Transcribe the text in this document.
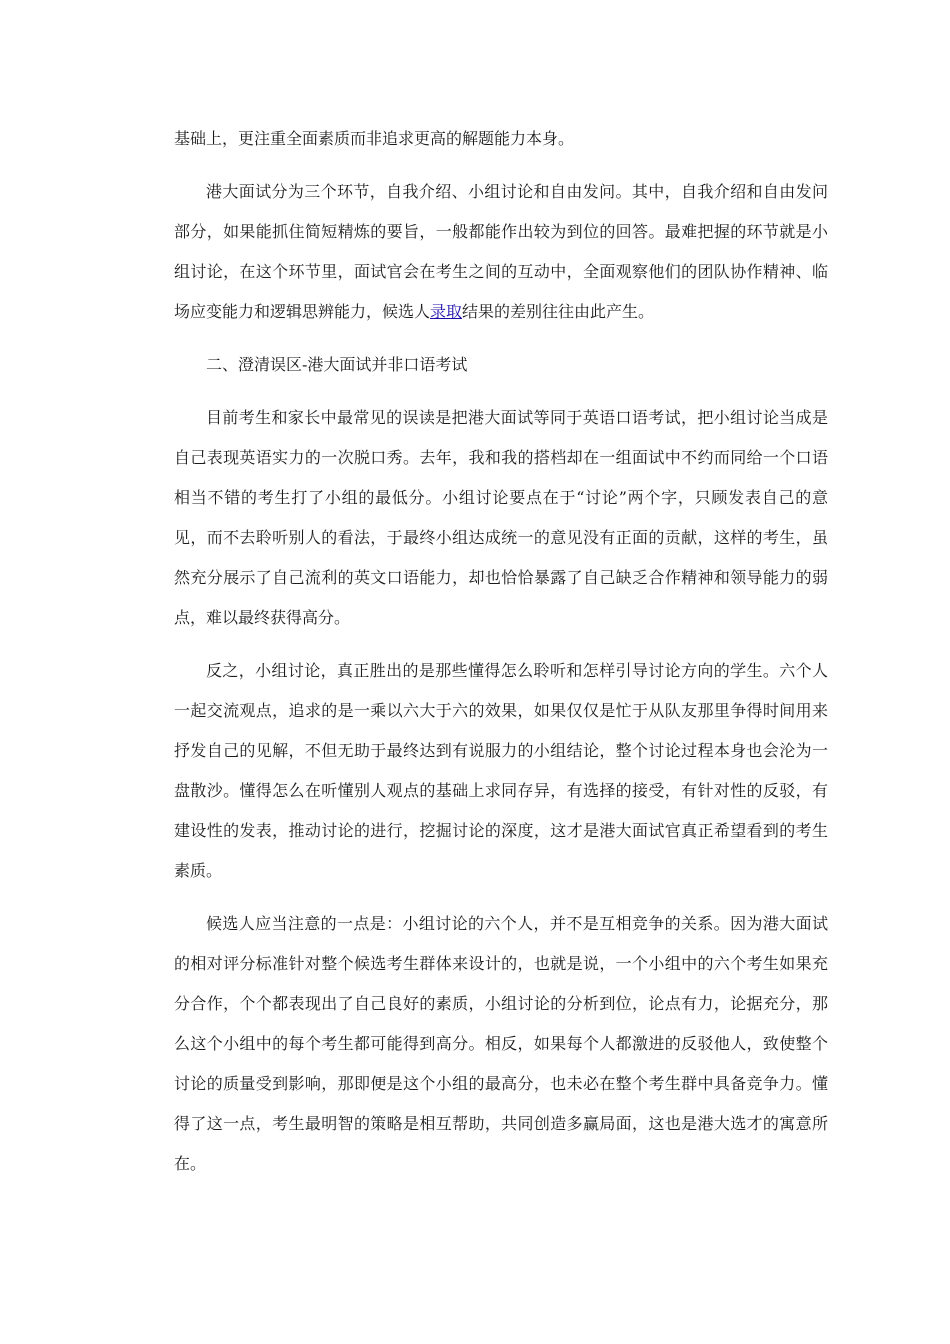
基础上，更注重全面素质而非追求更高的解题能力本身。

港大面试分为三个环节，自我介绍、小组讨论和自由发问。其中，自我介绍和自由发问部分，如果能抓住简短精炼的要旨，一般都能作出较为到位的回答。最难把握的环节就是小组讨论，在这个环节里，面试官会在考生之间的互动中，全面观察他们的团队协作精神、临场应变能力和逻辑思辨能力，候选人录取结果的差别往往由此产生。

二、澄清误区-港大面试并非口语考试

目前考生和家长中最常见的误读是把港大面试等同于英语口语考试，把小组讨论当成是自己表现英语实力的一次脱口秀。去年，我和我的搭档却在一组面试中不约而同给一个口语相当不错的考生打了小组的最低分。小组讨论要点在于“讨论”两个字，只顾发表自己的意见，而不去聆听别人的看法，于最终小组达成统一的意见没有正面的贡献，这样的考生，虽然充分展示了自己流利的英文口语能力，却也恰恰暴露了自己缺乏合作精神和领导能力的弱点，难以最终获得高分。

反之，小组讨论，真正胜出的是那些懂得怎么聆听和怎样引导讨论方向的学生。六个人一起交流观点，追求的是一乘以六大于六的效果，如果仅仅是忙于从队友那里争得时间用来抒发自己的见解，不但无助于最终达到有说服力的小组结论，整个讨论过程本身也会沦为一盘散沙。懂得怎么在听懂别人观点的基础上求同存异，有选择的接受，有针对性的反驳，有建设性的发表，推动讨论的进行，挖掘讨论的深度，这才是港大面试官真正希望看到的考生素质。

候选人应当注意的一点是：小组讨论的六个人，并不是互相竞争的关系。因为港大面试的相对评分标准针对整个候选考生群体来设计的，也就是说，一个小组中的六个考生如果充分合作，个个都表现出了自己良好的素质，小组讨论的分析到位，论点有力，论据充分，那么这个小组中的每个考生都可能得到高分。相反，如果每个人都激进的反驳他人，致使整个讨论的质量受到影响，那即便是这个小组的最高分，也未必在整个考生群中具备竞争力。懂得了这一点，考生最明智的策略是相互帮助，共同创造多赢局面，这也是港大选才的寓意所在。
